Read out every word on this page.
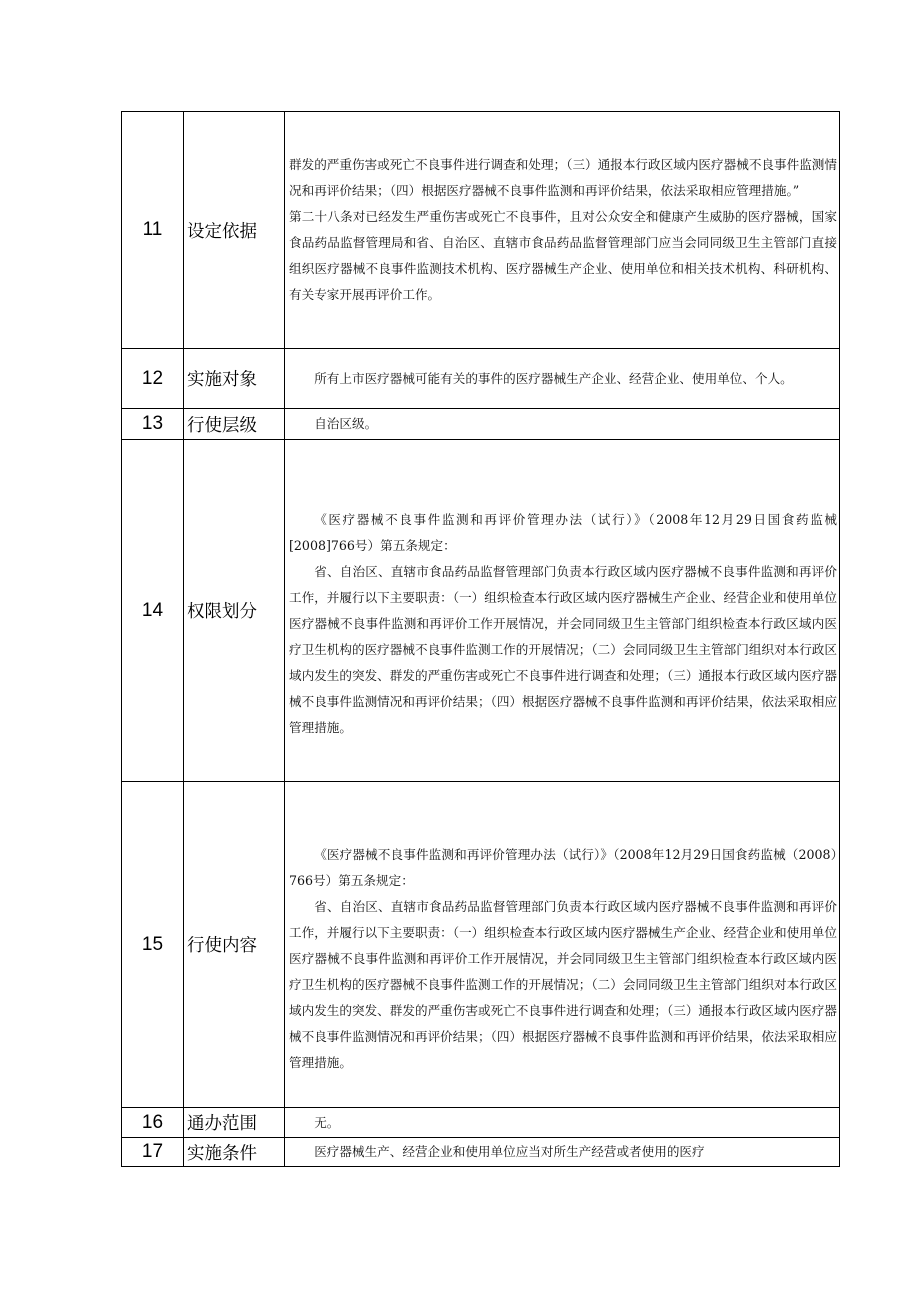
11	设定依据	群发的严重伤害或死亡不良事件进行调查和处理；（三）通报本行政区域内医疗器械不良事件监测情况和再评价结果；（四）根据医疗器械不良事件监测和再评价结果，依法采取相应管理措施。”

第二十八条对已经发生严重伤害或死亡不良事件，且对公众安全和健康产生威胁的医疗器械，国家食品药品监督管理局和省、自治区、直辖市食品药品监督管理部门应当会同同级卫生主管部门直接组织医疗器械不良事件监测技术机构、医疗器械生产企业、使用单位和相关技术机构、科研机构、有关专家开展再评价工作。

12	实施对象	所有上市医疗器械可能有关的事件的医疗器械生产企业、经营企业、使用单位、个人。

13	行使层级	自治区级。

14	权限划分	《医疗器械不良事件监测和再评价管理办法（试行）》（2008年12月29日国食药监械[2008]766号）第五条规定：

省、自治区、直辖市食品药品监督管理部门负责本行政区域内医疗器械不良事件监测和再评价工作，并履行以下主要职责：（一）组织检查本行政区域内医疗器械生产企业、经营企业和使用单位医疗器械不良事件监测和再评价工作开展情况，并会同同级卫生主管部门组织检查本行政区域内医疗卫生机构的医疗器械不良事件监测工作的开展情况；（二）会同同级卫生主管部门组织对本行政区域内发生的突发、群发的严重伤害或死亡不良事件进行调查和处理；（三）通报本行政区域内医疗器械不良事件监测情况和再评价结果；（四）根据医疗器械不良事件监测和再评价结果，依法采取相应管理措施。

15	行使内容	《医疗器械不良事件监测和再评价管理办法（试行）》（2008年12月29日国食药监械（2008）766号）第五条规定：

省、自治区、直辖市食品药品监督管理部门负责本行政区域内医疗器械不良事件监测和再评价工作，并履行以下主要职责：（一）组织检查本行政区域内医疗器械生产企业、经营企业和使用单位医疗器械不良事件监测和再评价工作开展情况，并会同同级卫生主管部门组织检查本行政区域内医疗卫生机构的医疗器械不良事件监测工作的开展情况；（二）会同同级卫生主管部门组织对本行政区域内发生的突发、群发的严重伤害或死亡不良事件进行调查和处理；（三）通报本行政区域内医疗器械不良事件监测情况和再评价结果；（四）根据医疗器械不良事件监测和再评价结果，依法采取相应管理措施。

16	通办范围	无。

17	实施条件	医疗器械生产、经营企业和使用单位应当对所生产经营或者使用的医疗
